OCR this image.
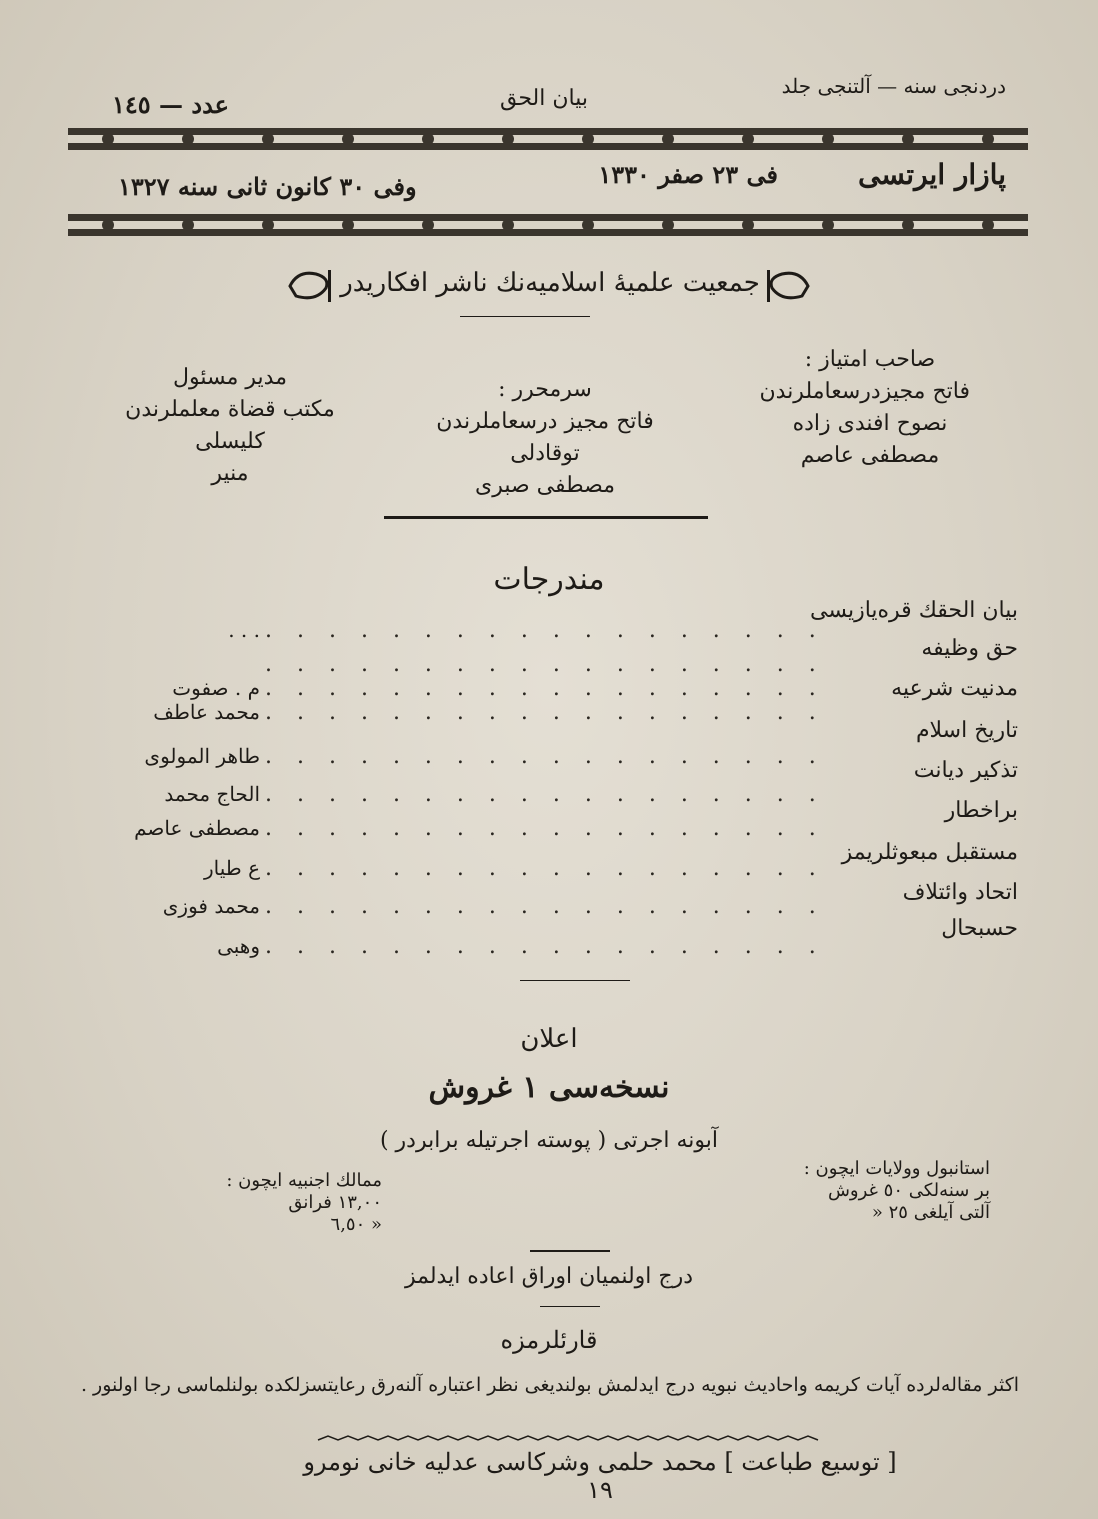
دردنجی سنه — آلتنجی جلد
بیان الحق
عدد — ۱٤٥
پازار ایرتسی
فی ٢٣ صفر ١٣٣٠
وفی ٣٠ كانون ثانی سنه ١٣٢٧
جمعیت علمیهٔ اسلامیه‌نك ناشر افكاریدر
صاحب امتیاز :
فاتح مجیزدرسعاملرندن
نصوح افندی زاده
مصطفی عاصم
سرمحرر :
فاتح مجیز درسعاملرندن
توقادلی
مصطفی صبری
مدیر مسئول
مكتب قضاة معلملرندن
كلیسلی
منیر
مندرجات
بیان الحقك قره‌یازیسی
. . . . . . . . . . . . . . . . . .
. . .
حق وظیفه
. . . . . . . . . . . . . . . . . .
مدنیت شرعیه
م . صفوت . . . . . . . . . . . . . . . . . .
. . . . . . . . . . . . . . . . . .
محمد عاطف
تاریخ اسلام
. . . . . . . . . . . . . . . . . .
طاهر المولوی
تذكیر دیانت
. . . . . . . . . . . . . . . . . .
الحاج محمد
براخطار
. . . . . . . . . . . . . . . . . .
مصطفی عاصم
مستقبل مبعوثلریمز
. . . . . . . . . . . . . . . . . .
ع طیار
اتحاد وائتلاف
. . . . . . . . . . . . . . . . . .
محمد فوزی
حسبحال
. . . . . . . . . . . . . . . . . .
وهبی
اعلان
نسخه‌سی ١ غروش
آبونه اجرتی ( پوسته اجرتیله برابردر )
استانبول وولایات ایچون :
بر سنه‌لكی ٥٠ غروش
آلتی آیلغی ٢٥ «
ممالك اجنبیه ایچون :
١٣,٠٠ فرانق
« ٦,٥٠
درج اولنمیان اوراق اعاده ایدلمز
قارئلرمزه
اكثر مقاله‌لرده آیات كریمه واحادیث نبویه درج ایدلمش بولندیغی نظر اعتباره آلنه‌رق رعایتسزلكده بولنلماسی رجا اولنور .
[ توسیع طباعت ] محمد حلمی وشركاسی عدلیه خانی نومرو ١٩
